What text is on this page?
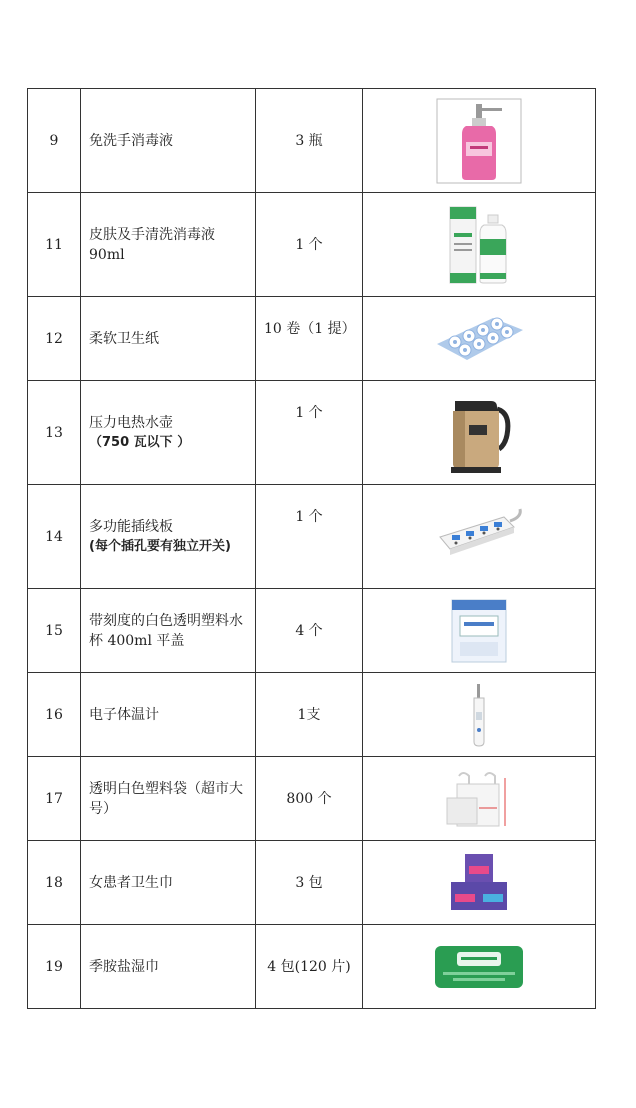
9	免洗手消毒液	3 瓶	

11	皮肤及手清洗消毒液
90ml	1 个	

12	柔软卫生纸	10 卷（1 提）	

13	压力电热水壶
（750 瓦以下 ）	1 个	

14	多功能插线板
(每个插孔要有独立开关)	1 个	

15	带刻度的白色透明塑料水杯 400ml 平盖	4 个	

16	电子体温计	1支	

17	透明白色塑料袋（超市大号）	800 个	

18	女患者卫生巾	3 包	

19	季胺盐湿巾	4 包(120 片)	
